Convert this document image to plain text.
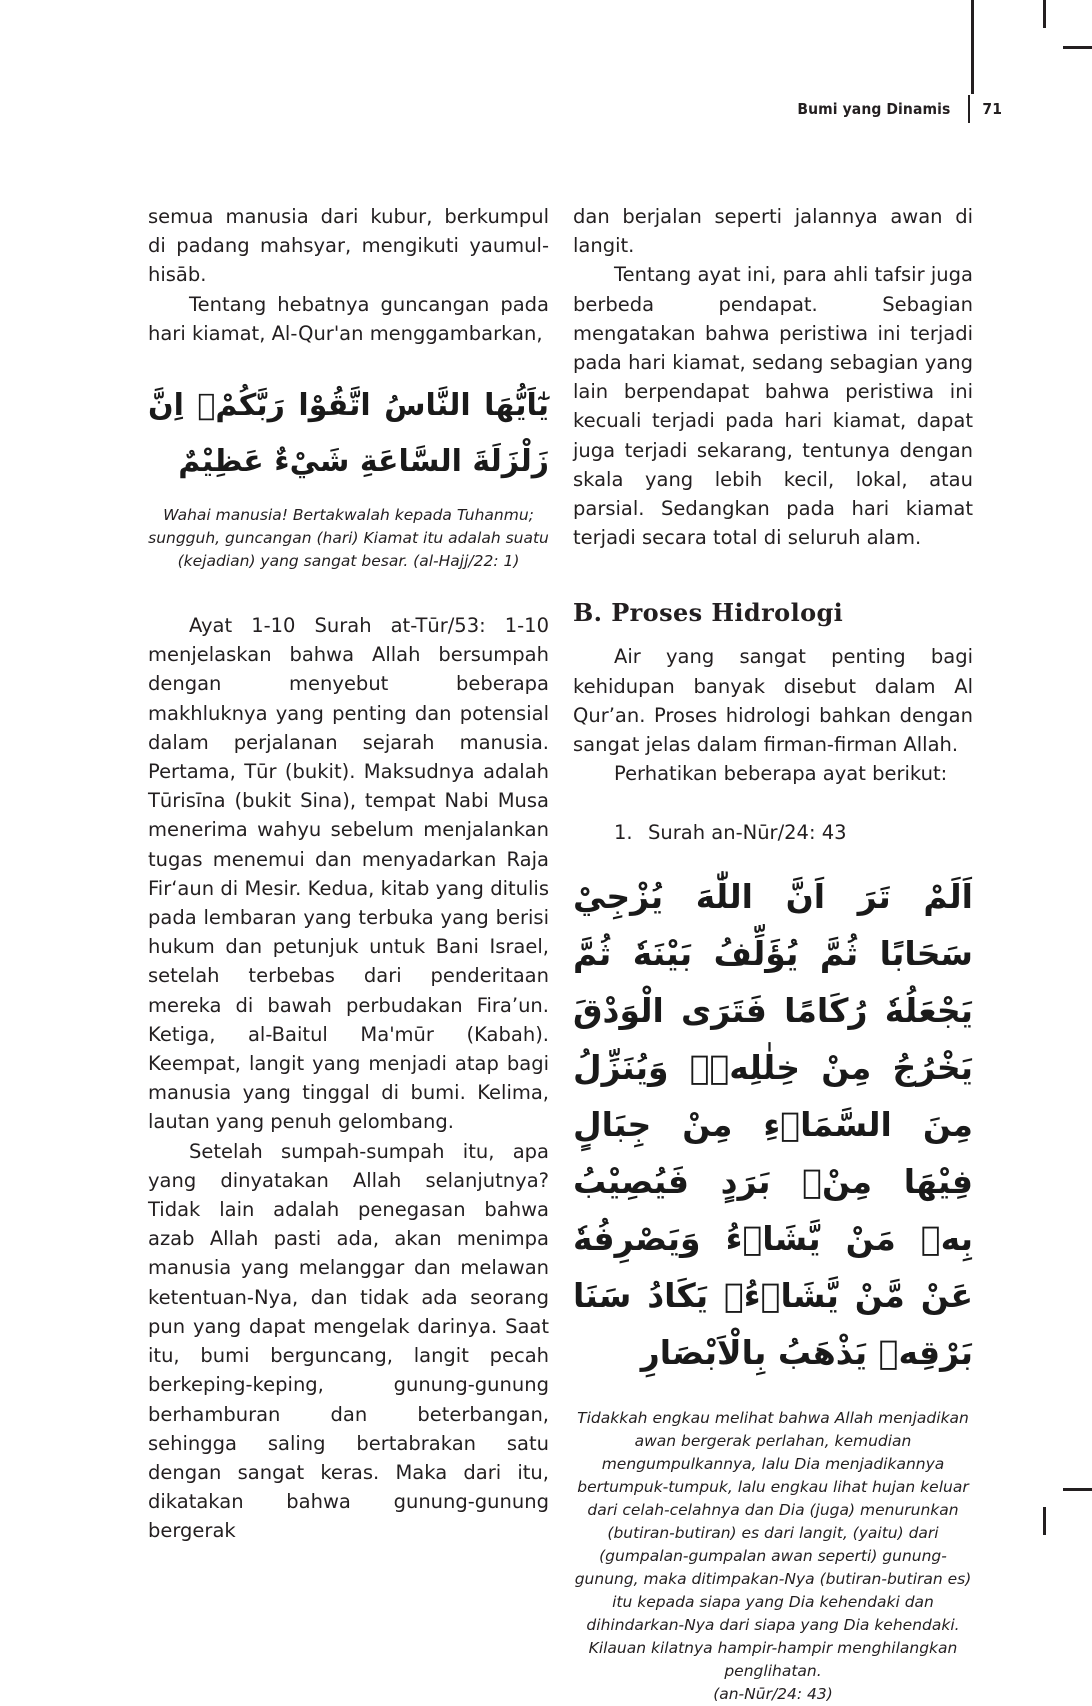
Bumi yang Dinamis 71

semua manusia dari kubur, berkumpul di padang mahsyar, mengikuti yaumul-hisāb.

Tentang hebatnya guncangan pada hari kiamat, Al-Qur'an menggambarkan,

يٰٓاَيُّهَا النَّاسُ اتَّقُوْا رَبَّكُمْۚ اِنَّ زَلْزَلَةَ السَّاعَةِ شَيْءٌ عَظِيْمٌ

Wahai manusia! Bertakwalah kepada Tuhanmu; sungguh, guncangan (hari) Kiamat itu adalah suatu (kejadian) yang sangat besar. (al-Hajj/22: 1)

Ayat 1-10 Surah at-Tūr/53: 1-10 menjelaskan bahwa Allah bersumpah dengan menyebut beberapa makhluknya yang penting dan potensial dalam perjalanan sejarah manusia. Pertama, Tūr (bukit). Maksudnya adalah Tūrisīna (bukit Sina), tempat Nabi Musa menerima wahyu sebelum menjalankan tugas menemui dan menyadarkan Raja Fir‘aun di Mesir. Kedua, kitab yang ditulis pada lembaran yang terbuka yang berisi hukum dan petunjuk untuk Bani Israel, setelah terbebas dari penderitaan mereka di bawah perbudakan Fira’un. Ketiga, al-Baitul Ma'mūr (Kabah). Keempat, langit yang menjadi atap bagi manusia yang tinggal di bumi. Kelima, lautan yang penuh gelombang.

Setelah sumpah-sumpah itu, apa yang dinyatakan Allah selanjutnya? Tidak lain adalah penegasan bahwa azab Allah pasti ada, akan menimpa manusia yang melanggar dan melawan ketentuan-Nya, dan tidak ada seorang pun yang dapat mengelak darinya. Saat itu, bumi berguncang, langit pecah berkeping-keping, gunung-gunung berhamburan dan beterbangan, sehingga saling bertabrakan satu dengan sangat keras. Maka dari itu, dikatakan bahwa gunung-gunung bergerak

dan berjalan seperti jalannya awan di langit.

Tentang ayat ini, para ahli tafsir juga berbeda pendapat. Sebagian mengatakan bahwa peristiwa ini terjadi pada hari kiamat, sedang sebagian yang lain berpendapat bahwa peristiwa ini kecuali terjadi pada hari kiamat, dapat juga terjadi sekarang, tentunya dengan skala yang lebih kecil, lokal, atau parsial. Sedangkan pada hari kiamat terjadi secara total di seluruh alam.

B. Proses Hidrologi

Air yang sangat penting bagi kehidupan banyak disebut dalam Al Qur’an. Proses hidrologi bahkan dengan sangat jelas dalam firman-firman Allah.

Perhatikan beberapa ayat berikut:

1. Surah an-Nūr/24: 43

اَلَمْ تَرَ اَنَّ اللّٰهَ يُزْجِيْ سَحَابًا ثُمَّ يُؤَلِّفُ بَيْنَهٗ ثُمَّ يَجْعَلُهٗ رُكَامًا فَتَرَى الْوَدْقَ يَخْرُجُ مِنْ خِلٰلِهٖۚ وَيُنَزِّلُ مِنَ السَّمَاۤءِ مِنْ جِبَالٍ فِيْهَا مِنْۢ بَرَدٍ فَيُصِيْبُ بِهٖ مَنْ يَّشَاۤءُ وَيَصْرِفُهٗ عَنْ مَّنْ يَّشَاۤءُۗ يَكَادُ سَنَا بَرْقِهٖ يَذْهَبُ بِالْاَبْصَارِ

Tidakkah engkau melihat bahwa Allah menjadikan awan bergerak perlahan, kemudian mengumpulkannya, lalu Dia menjadikannya bertumpuk-tumpuk, lalu engkau lihat hujan keluar dari celah-celahnya dan Dia (juga) menurunkan (butiran-butiran) es dari langit, (yaitu) dari (gumpalan-gumpalan awan seperti) gunung-gunung, maka ditimpakan-Nya (butiran-butiran es) itu kepada siapa yang Dia kehendaki dan dihindarkan-Nya dari siapa yang Dia kehendaki. Kilauan kilatnya hampir-hampir menghilangkan penglihatan.

(an-Nūr/24: 43)
